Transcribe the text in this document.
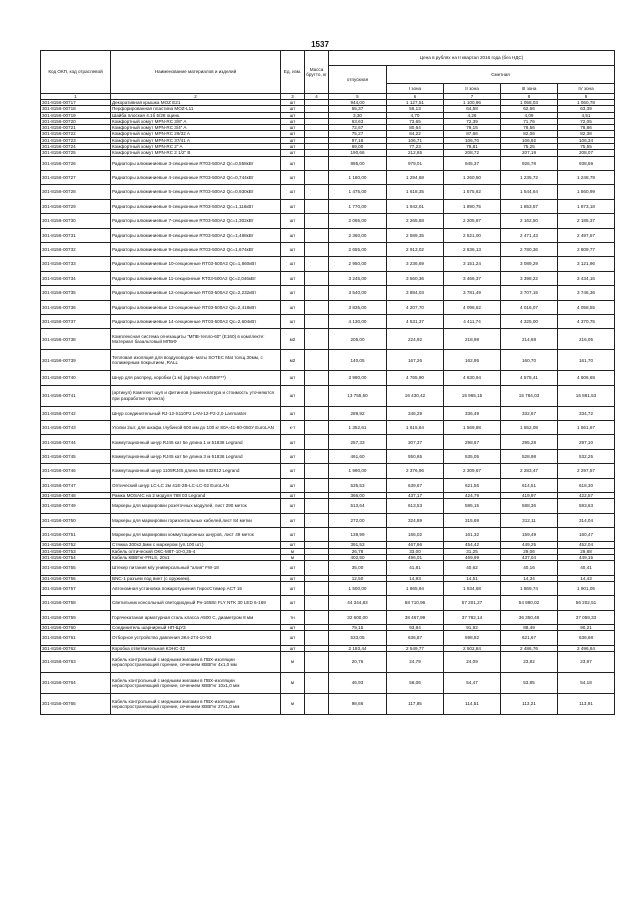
1537
Код ОКП, код отраслевой	Наименование материалов и изделий	Ед. изм.	Масса брутто, кг	Цена в рублях на II квартал 2016 года (без НДС)				
				отпускная	Сметная			
					I зона	II зона	III зона	IV зона
1	2	3	4	5	6	7	8	9
301-8156-00717	Декоративная крышка MOZ E21	шт		944,00	1 127,51	1 100,96	1 058,03	1 060,78
301-8156-00718	Перфорированная пластина MOZ-L11	шт		55,37	56,13	64,58	62,66	63,39
301-8156-00719	Шайба плоская 4.1б 5/28 оцинк.	шт		3,30	4,70	4,26	4,09	4,51
301-8156-00720	Комфортный хомут MPN-RC 3/8" A	шт		63,63	73,65	72,39	71,76	72,05
301-8156-00721	Комфортный хомут MPN-RC 3/4" A	шт		72,67	80,64	79,15	78,56	78,86
301-8156-00722	Комфортный хомут MPN-RC 29/32 A	шт		75,27	84,22	87,66	82,06	82,38
301-8156-00723	Комфортный хомут MPN-RC 37/41 A	шт		97,18	106,71	106,70	106,92	106,34
301-8156-00724	Комфортный хомут MPN-RC 2" A	шт		69,00	77,23	75,81	75,25	75,55
301-8156-00725	Комфортный хомут MPN-RC 2 1/2" B	шт		190,66	212,65	208,72	207,19	208,07
301-8156-00726	Радиаторы алюминиевые 3-секционные RT03-500A2 Qc=0,558кВт	шт		885,00	979,01	945,37	926,78	938,59
301-8156-00727	Радиаторы алюминиевые 4-секционные RT03-500A2 Qc=0,744кВт	шт		1 180,00	1 294,68	1 260,50	1 235,72	1 248,79
301-8156-00728	Радиаторы алюминиевые 5-секционные RT03-500A2 Qc=0,930кВт	шт		1 475,00	1 618,35	1 575,62	1 544,64	1 560,99
301-8156-00729	Радиаторы алюминиевые 6-секционные RT03-500A2 Qc=1,116кВт	шт		1 770,00	1 942,01	1 890,75	1 853,57	1 873,18
301-8156-00730	Радиаторы алюминиевые 7-секционные RT03-500A2 Qc=1,302кВт	шт		2 065,00	2 265,68	2 205,87	2 162,50	2 185,37
301-8156-00731	Радиаторы алюминиевые 8-секционные RT03-500A2 Qc=1,488кВт	шт		2 360,00	2 589,35	2 521,00	2 471,43	2 497,57
301-8156-00732	Радиаторы алюминиевые 9-секционные RT03-500A2 Qc=1,674кВт	шт		2 655,00	2 913,02	2 836,13	2 780,36	2 809,77
301-8156-00733	Радиаторы алюминиевые 10-секционные RT03-500A2 Qc=1,860кВт	шт		2 950,00	3 236,69	3 151,24	3 089,29	3 121,96
301-8156-00734	Радиаторы алюминиевые 11-секционные RT03-500A2 Qc=2,046кВт	шт		3 245,00	3 560,36	3 466,37	3 398,22	3 434,16
301-8156-00735	Радиаторы алюминиевые 12-секционные RT03-500A2 Qc=2,232кВт	шт		3 540,00	3 884,03	3 781,49	3 707,15	3 746,36
301-8156-00736	Радиаторы алюминиевые 13-секционные RT03-500A2 Qc=2,418кВт	шт		3 835,00	4 207,70	4 096,62	4 016,07	4 058,55
301-8156-00737	Радиаторы алюминиевые 14-секционные RT03-500A2 Qc=2,604кВт	шт		4 130,00	4 531,37	4 411,74	4 325,00	4 370,75
301-8156-00738	Комплексная система огнезащиты "МПВ-тепло-60" (Е160) в комплекте: Материал базальтовый МПБФ	м2		205,00	224,92	218,98	214,68	216,05
301-8156-00739	Тепловая изоляция для воздуховодов- маты SOTEC Mat толщ.30мм, с полимерным покрытием ,RALL	м2		140,05	167,26	162,95	160,70	161,70
301-8156-00740	Шнур для распред. коробки (1 м) (артикул A44559***)	шт		3 990,00	4 765,90	4 630,94	4 578,41	4 606,69
301-8156-00741	(артикул) Комплект щуп и фитингов (номенклатура и стоимость уточняются при разработке проекта)	шт		13 755,50	16 430,42	15 965,15	15 784,03	15 881,53
301-8156-00742	Шнур соединительный RJ-12-S110P2 LAN-12-P2-2,0 Lanmaster	шт		289,92	346,29	336,49	332,67	334,72
301-8156-00743	Уголки 2шт. для шкафа глубиной 600 мм до 100 кг 80А-41-80-050У EuroLAN	к-т		1 352,61	1 615,64	1 569,88	1 552,08	1 561,67
301-8156-00744	Коммутационный шнур RJ45 кат 5е длина 1 м 51838 Legrand	шт		257,33	307,37	298,67	295,28	297,10
301-8156-00745	Коммутационный шнур RJ45 кат 5е длина 3 м 51836 Legrand	шт		461,60	550,65	535,05	528,98	532,25
301-8156-00746	Коммутационный шнур 1108RJ45 длина 5м 632812 Legrand	шт		1 990,00	2 376,96	2 309,67	2 283,47	2 297,57
301-8156-00747	Оптический шнур LC-LC 2м 41Е-2В-LC-LC-02 EuroLAN	шт		535,53	639,67	621,56	614,51	618,30
301-8156-00748	Рамка MOSAIC на 2 модуля 788 03 Legrand	шт		366,00	437,17	424,79	419,97	422,57
301-8156-00749	Маркеры для маркировки розеточных модулей, лист 290 меток	шт		513,64	613,53	595,15	588,36	593,63
301-8156-00750	Маркеры для маркировки горизонтальных кабелей,лист 84 метки	шт		272,00	324,89	315,69	312,11	314,04
301-8156-00751	Маркеры для маркировки коммутационных шнуров, лист 49 меток	шт		139,99	166,02	161,32	159,49	160,47
301-8156-00752	Стяжка 300х2,5мм с маркером (уп.100 шт.)	шт		391,53	467,66	454,42	449,25	452,04
301-8156-00753	Кабель оптический ОКС-М8Т-10-0,35-4	м		26,78	33,00	31,25	29,06	29,88
301-8156-00754	Кабель КВВГнг-FRLS, 20х1	м		402,50	496,01	469,99	437,04	449,15
301-8156-00755	Штекер питания м/у универсальный "алия" FW-18	шт		35,00	41,81	40,62	40,16	40,41
301-8156-00756	BNC-1 разъем под винт (с оружием).	шт		12,50	14,93	14,51	14,34	14,43
301-8156-00757	Автономная установка пожаротушения ГиросСтимер АСТ 15	шт		1 500,00	1 865,94	1 934,68	1 869,74	1 901,05
301-8156-00758	Светильник консольный светодиодный Рн-1658п FLY NTK 30 LED 6-169	шт		44 344,83	58 710,96	57 201,27	54 980,02	56 202,51
301-8156-00759	Горячекатаная арматурная сталь класса А500 С, диаметром 8 мм	тн		32 600,00	38 467,99	37 782,14	36 350,48	37 059,33
301-8156-00760	Соединитель шарнирный НП-ЩУЗ	шт		79,15	93,84	91,92	88,49	90,21
301-8156-00761	Отборное устройство давления ЗК4-274-10-93	шт		533,05	636,87	598,82	621,67	636,68
301-8156-00762	Коробка ответвительная КЭНС-32	шт		2 193,44	2 549,77	2 502,84	2 486,76	2 496,84
301-8156-00763	Кабель контрольный с медными жилами в ПВХ-изоляции нераспространяющий горение, сечением КВВГнг 4х1,0 мм	м		20,76	24,79	24,09	23,82	23,97
301-8156-00764	Кабель контрольный с медными жилами в ПВХ-изоляции нераспространяющий горение, сечением КВВГнг 10х1,0 мм	м		46,93	56,06	54,47	53,85	54,18
301-8156-00765	Кабель контрольный с медными жилами в ПВХ-изоляции нераспространяющий горение, сечением КВВГнг 27х1,0 мм	м		98,66	117,85	114,51	113,21	113,91
